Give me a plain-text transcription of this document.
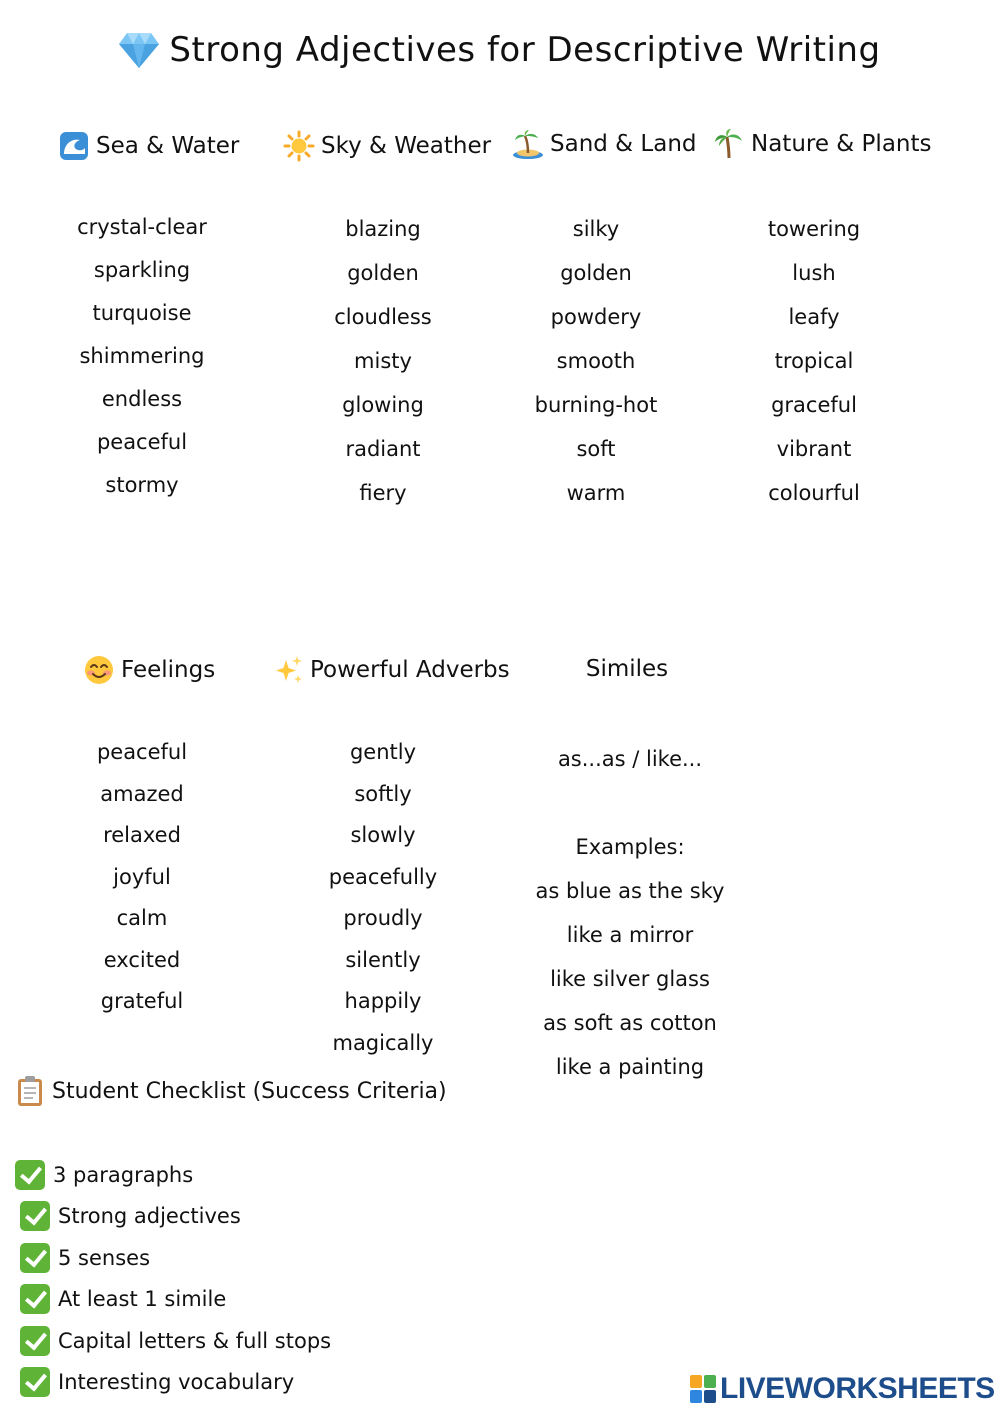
Strong Adjectives for Descriptive Writing
Sea & Water
crystal-clear
sparkling
turquoise
shimmering
endless
peaceful
stormy
Sky & Weather
blazing
golden
cloudless
misty
glowing
radiant
fiery
Sand & Land
silky
golden
powdery
smooth
burning-hot
soft
warm
Nature & Plants
towering
lush
leafy
tropical
graceful
vibrant
colourful
Feelings
peaceful
amazed
relaxed
joyful
calm
excited
grateful
Powerful Adverbs
gently
softly
slowly
peacefully
proudly
silently
happily
magically
Similes
as...as / like...
Examples:
as blue as the sky
like a mirror
like silver glass
as soft as cotton
like a painting
Student Checklist (Success Criteria)
3 paragraphs
Strong adjectives
5 senses
At least 1 simile
Capital letters & full stops
Interesting vocabulary	LIVEWORKSHEETS
